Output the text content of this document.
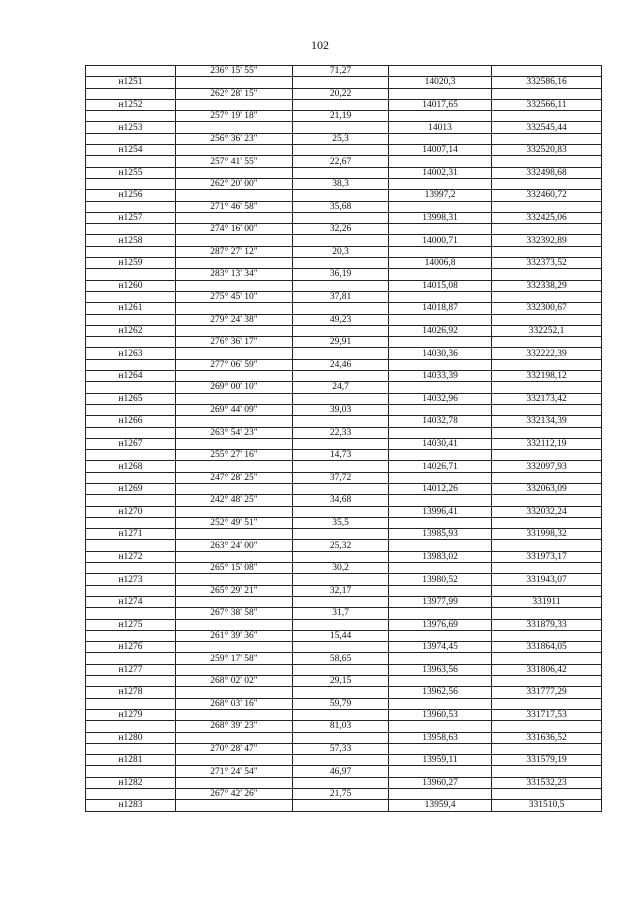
102
	236° 15' 55"	71,27		
н1251			14020,3	332586,16
	262° 28' 15"	20,22		
н1252			14017,65	332566,11
	257° 19' 18"	21,19		
н1253			14013	332545,44
	256° 36' 23"	25,3		
н1254			14007,14	332520,83
	257° 41' 55"	22,67		
н1255			14002,31	332498,68
	262° 20' 00"	38,3		
н1256			13997,2	332460,72
	271° 46' 58"	35,68		
н1257			13998,31	332425,06
	274° 16' 00"	32,26		
н1258			14000,71	332392,89
	287° 27' 12"	20,3		
н1259			14006,8	332373,52
	283° 13' 34"	36,19		
н1260			14015,08	332338,29
	275° 45' 10"	37,81		
н1261			14018,87	332300,67
	279° 24' 38"	49,23		
н1262			14026,92	332252,1
	276° 36' 17"	29,91		
н1263			14030,36	332222,39
	277° 06' 59"	24,46		
н1264			14033,39	332198,12
	269° 00' 10"	24,7		
н1265			14032,96	332173,42
	269° 44' 09"	39,03		
н1266			14032,78	332134,39
	263° 54' 23"	22,33		
н1267			14030,41	332112,19
	255° 27' 16"	14,73		
н1268			14026,71	332097,93
	247° 28' 25"	37,72		
н1269			14012,26	332063,09
	242° 48' 25"	34,68		
н1270			13996,41	332032,24
	252° 49' 51"	35,5		
н1271			13985,93	331998,32
	263° 24' 00"	25,32		
н1272			13983,02	331973,17
	265° 15' 08"	30,2		
н1273			13980,52	331943,07
	265° 29' 21"	32,17		
н1274			13977,99	331911
	267° 38' 58"	31,7		
н1275			13976,69	331879,33
	261° 39' 36"	15,44		
н1276			13974,45	331864,05
	259° 17' 58"	58,65		
н1277			13963,56	331806,42
	268° 02' 02"	29,15		
н1278			13962,56	331777,29
	268° 03' 16"	59,79		
н1279			13960,53	331717,53
	268° 39' 23"	81,03		
н1280			13958,63	331636,52
	270° 28' 47"	57,33		
н1281			13959,11	331579,19
	271° 24' 54"	46,97		
н1282			13960,27	331532,23
	267° 42' 26"	21,75		
н1283			13959,4	331510,5
